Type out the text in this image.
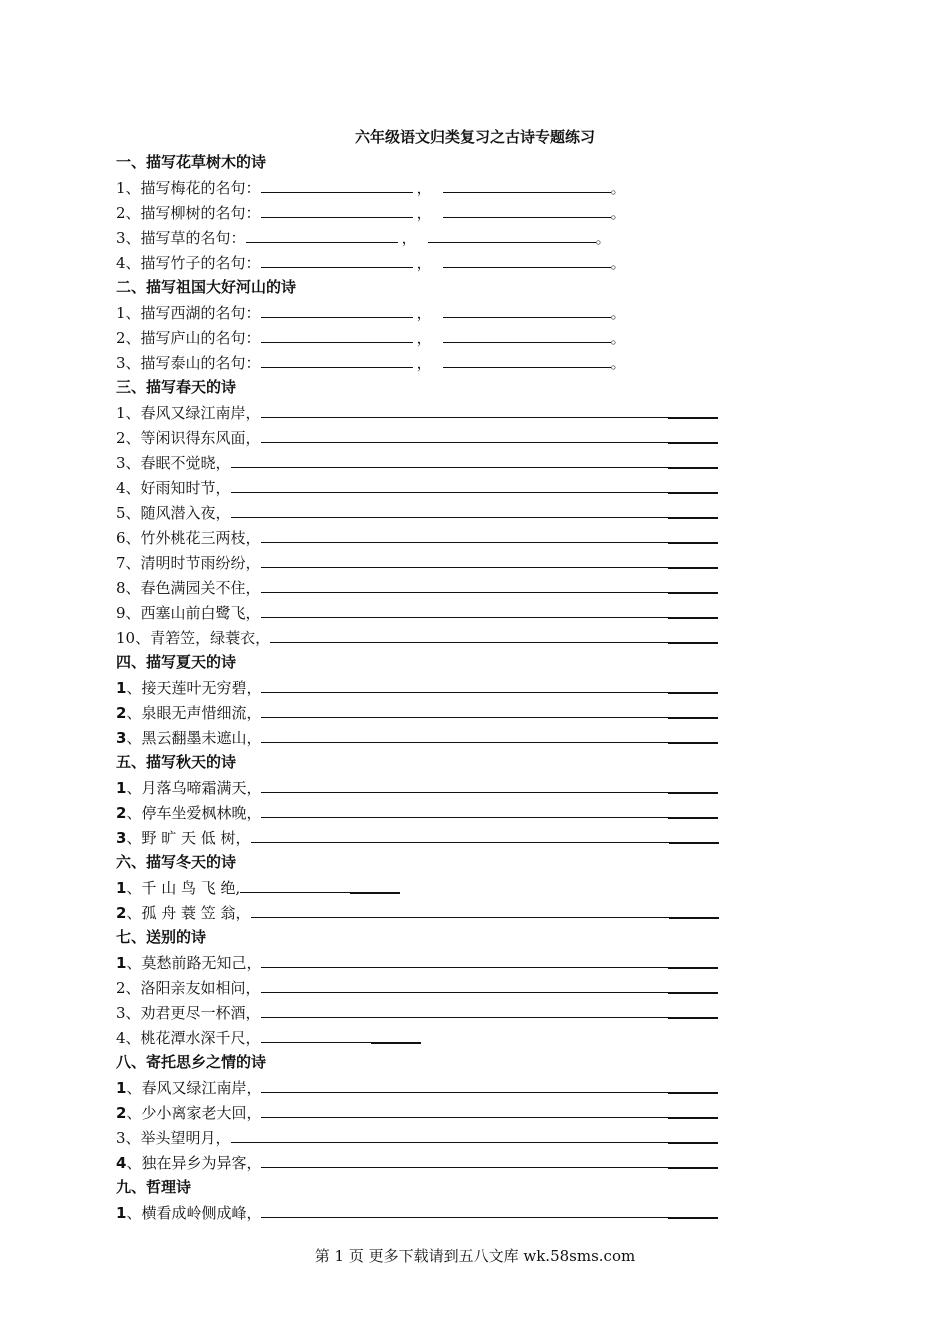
六年级语文归类复习之古诗专题练习
一、描写花草树木的诗
1 、描写梅花的名句：	，	。
2 、描写柳树的名句：	，	。
3 、描写草的名句：	，	。
4 、描写竹子的名句：	，	。
二、描写祖国大好河山的诗
1 、描写西湖的名句：	，	。
2 、描写庐山的名句：	，	。
3 、描写泰山的名句：	，	。
三、描写春天的诗
1 、春风又绿江南岸，
2 、等闲识得东风面，
3 、春眠不觉晓，
4 、好雨知时节，
5 、随风潜入夜，
6 、竹外桃花三两枝，
7 、清明时节雨纷纷，
8 、春色满园关不住，
9 、西塞山前白鹭飞，
10 、青箬笠，绿蓑衣，
四、描写夏天的诗
1 、接天莲叶无穷碧，
2 、泉眼无声惜细流，
3 、黑云翻墨未遮山，
五、描写秋天的诗
1 、月落乌啼霜满天，
2 、停车坐爱枫林晚，
3 、野 旷 天 低 树，
六、描写冬天的诗
1 、千 山 鸟 飞 绝,
2 、孤 舟 蓑 笠 翁，
七、送别的诗
1 、莫愁前路无知己，
2 、洛阳亲友如相问，
3 、劝君更尽一杯酒，
4 、桃花潭水深千尺，
八、寄托思乡之情的诗
1 、春风又绿江南岸，
2 、少小离家老大回，
3 、举头望明月，
4 、独在异乡为异客，
九、哲理诗
1 、横看成岭侧成峰，
第 1 页 更多下载请到五八文库 wk.58sms.com
